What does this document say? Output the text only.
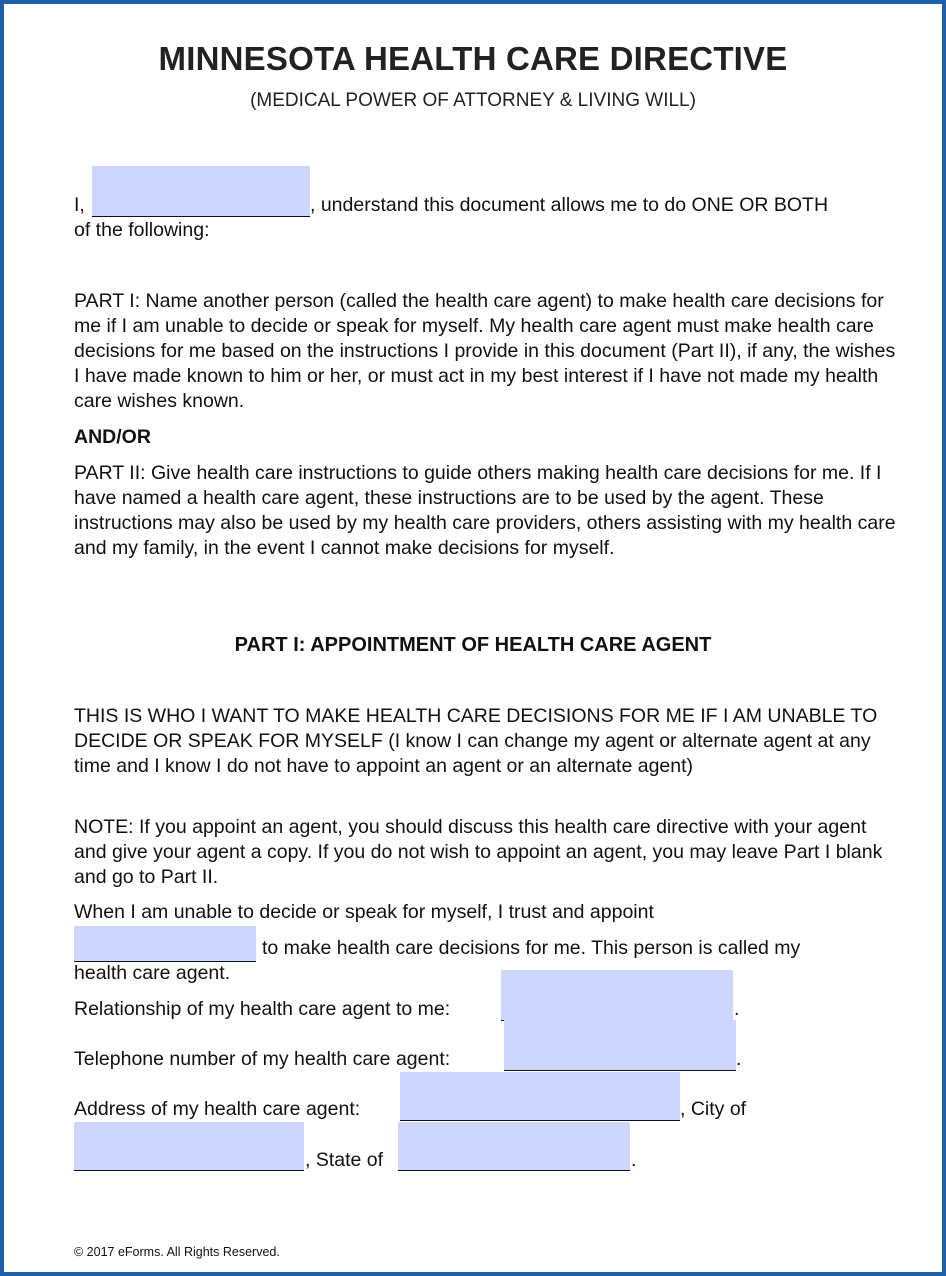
MINNESOTA HEALTH CARE DIRECTIVE
(MEDICAL POWER OF ATTORNEY & LIVING WILL)
I,	, understand this document allows me to do ONE OR BOTH
of the following:

PART I: Name another person (called the health care agent) to make health care decisions for me if I am unable to decide or speak for myself. My health care agent must make health care decisions for me based on the instructions I provide in this document (Part II), if any, the wishes I have made known to him or her, or must act in my best interest if I have not made my health care wishes known.

AND/OR

PART II: Give health care instructions to guide others making health care decisions for me. If I have named a health care agent, these instructions are to be used by the agent. These instructions may also be used by my health care providers, others assisting with my health care and my family, in the event I cannot make decisions for myself.

PART I: APPOINTMENT OF HEALTH CARE AGENT

THIS IS WHO I WANT TO MAKE HEALTH CARE DECISIONS FOR ME IF I AM UNABLE TO DECIDE OR SPEAK FOR MYSELF (I know I can change my agent or alternate agent at any time and I know I do not have to appoint an agent or an alternate agent)

NOTE: If you appoint an agent, you should discuss this health care directive with your agent and give your agent a copy. If you do not wish to appoint an agent, you may leave Part I blank and go to Part II.

When I am unable to decide or speak for myself, I trust and appoint
to make health care decisions for me. This person is called my
health care agent.
Relationship of my health care agent to me:	.
Telephone number of my health care agent:	.
Address of my health care agent:	, City of
, State of	.
© 2017 eForms. All Rights Reserved.
